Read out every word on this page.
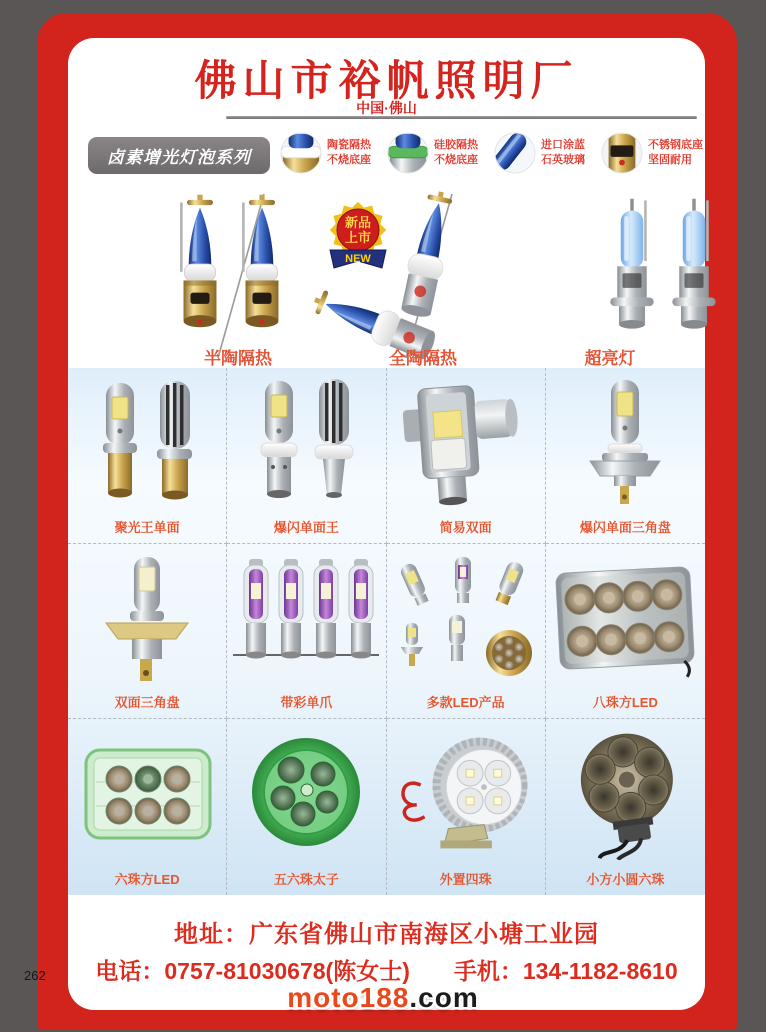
262
佛山市裕帆照明厂
中国·佛山
卤素增光灯泡系列
陶瓷隔热
不烧底座
硅胶隔热
不烧底座
进口涂蓝
石英玻璃
不锈钢底座
坚固耐用
新品
上市
NEW
半陶隔热	全陶隔热	超亮灯
聚光王单面	爆闪单面王	简易双面	爆闪单面三角盘
双面三角盘	带彩单爪	多款LED产品	八珠方LED
六珠方LED	五六珠太子	外置四珠	小方小圆六珠
地址：广东省佛山市南海区小塘工业园
电话：0757-81030678(陈女士) 手机：134-1182-8610
moto188.com
